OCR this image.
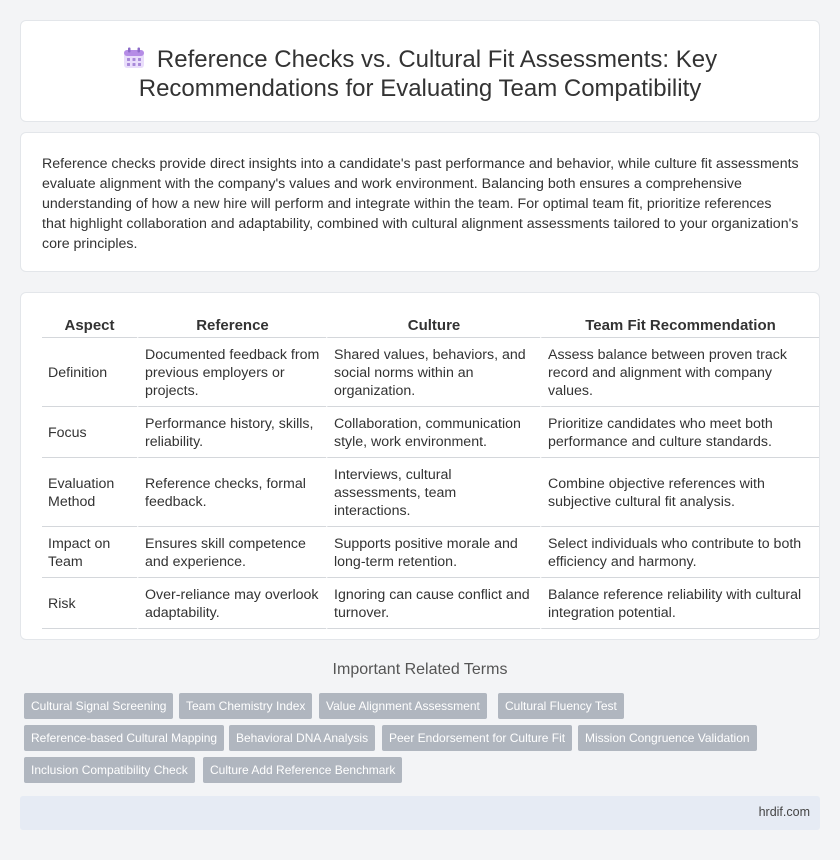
Reference Checks vs. Cultural Fit Assessments: Key Recommendations for Evaluating Team Compatibility

Reference checks provide direct insights into a candidate's past performance and behavior, while culture fit assessments evaluate alignment with the company's values and work environment. Balancing both ensures a comprehensive understanding of how a new hire will perform and integrate within the team. For optimal team fit, prioritize references that highlight collaboration and adaptability, combined with cultural alignment assessments tailored to your organization's core principles.

Aspect	Reference	Culture	Team Fit Recommendation
Definition	Documented feedback from previous employers or projects.	Shared values, behaviors, and social norms within an organization.	Assess balance between proven track record and alignment with company values.
Focus	Performance history, skills, reliability.	Collaboration, communication style, work environment.	Prioritize candidates who meet both performance and culture standards.
Evaluation Method	Reference checks, formal feedback.	Interviews, cultural assessments, team interactions.	Combine objective references with subjective cultural fit analysis.
Impact on Team	Ensures skill competence and experience.	Supports positive morale and long-term retention.	Select individuals who contribute to both efficiency and harmony.
Risk	Over-reliance may overlook adaptability.	Ignoring can cause conflict and turnover.	Balance reference reliability with cultural integration potential.
Important Related Terms
Cultural Signal Screening	Team Chemistry Index	Value Alignment Assessment	Cultural Fluency Test
Reference-based Cultural Mapping	Behavioral DNA Analysis	Peer Endorsement for Culture Fit	Mission Congruence Validation
Inclusion Compatibility Check	Culture Add Reference Benchmark
hrdif.com
